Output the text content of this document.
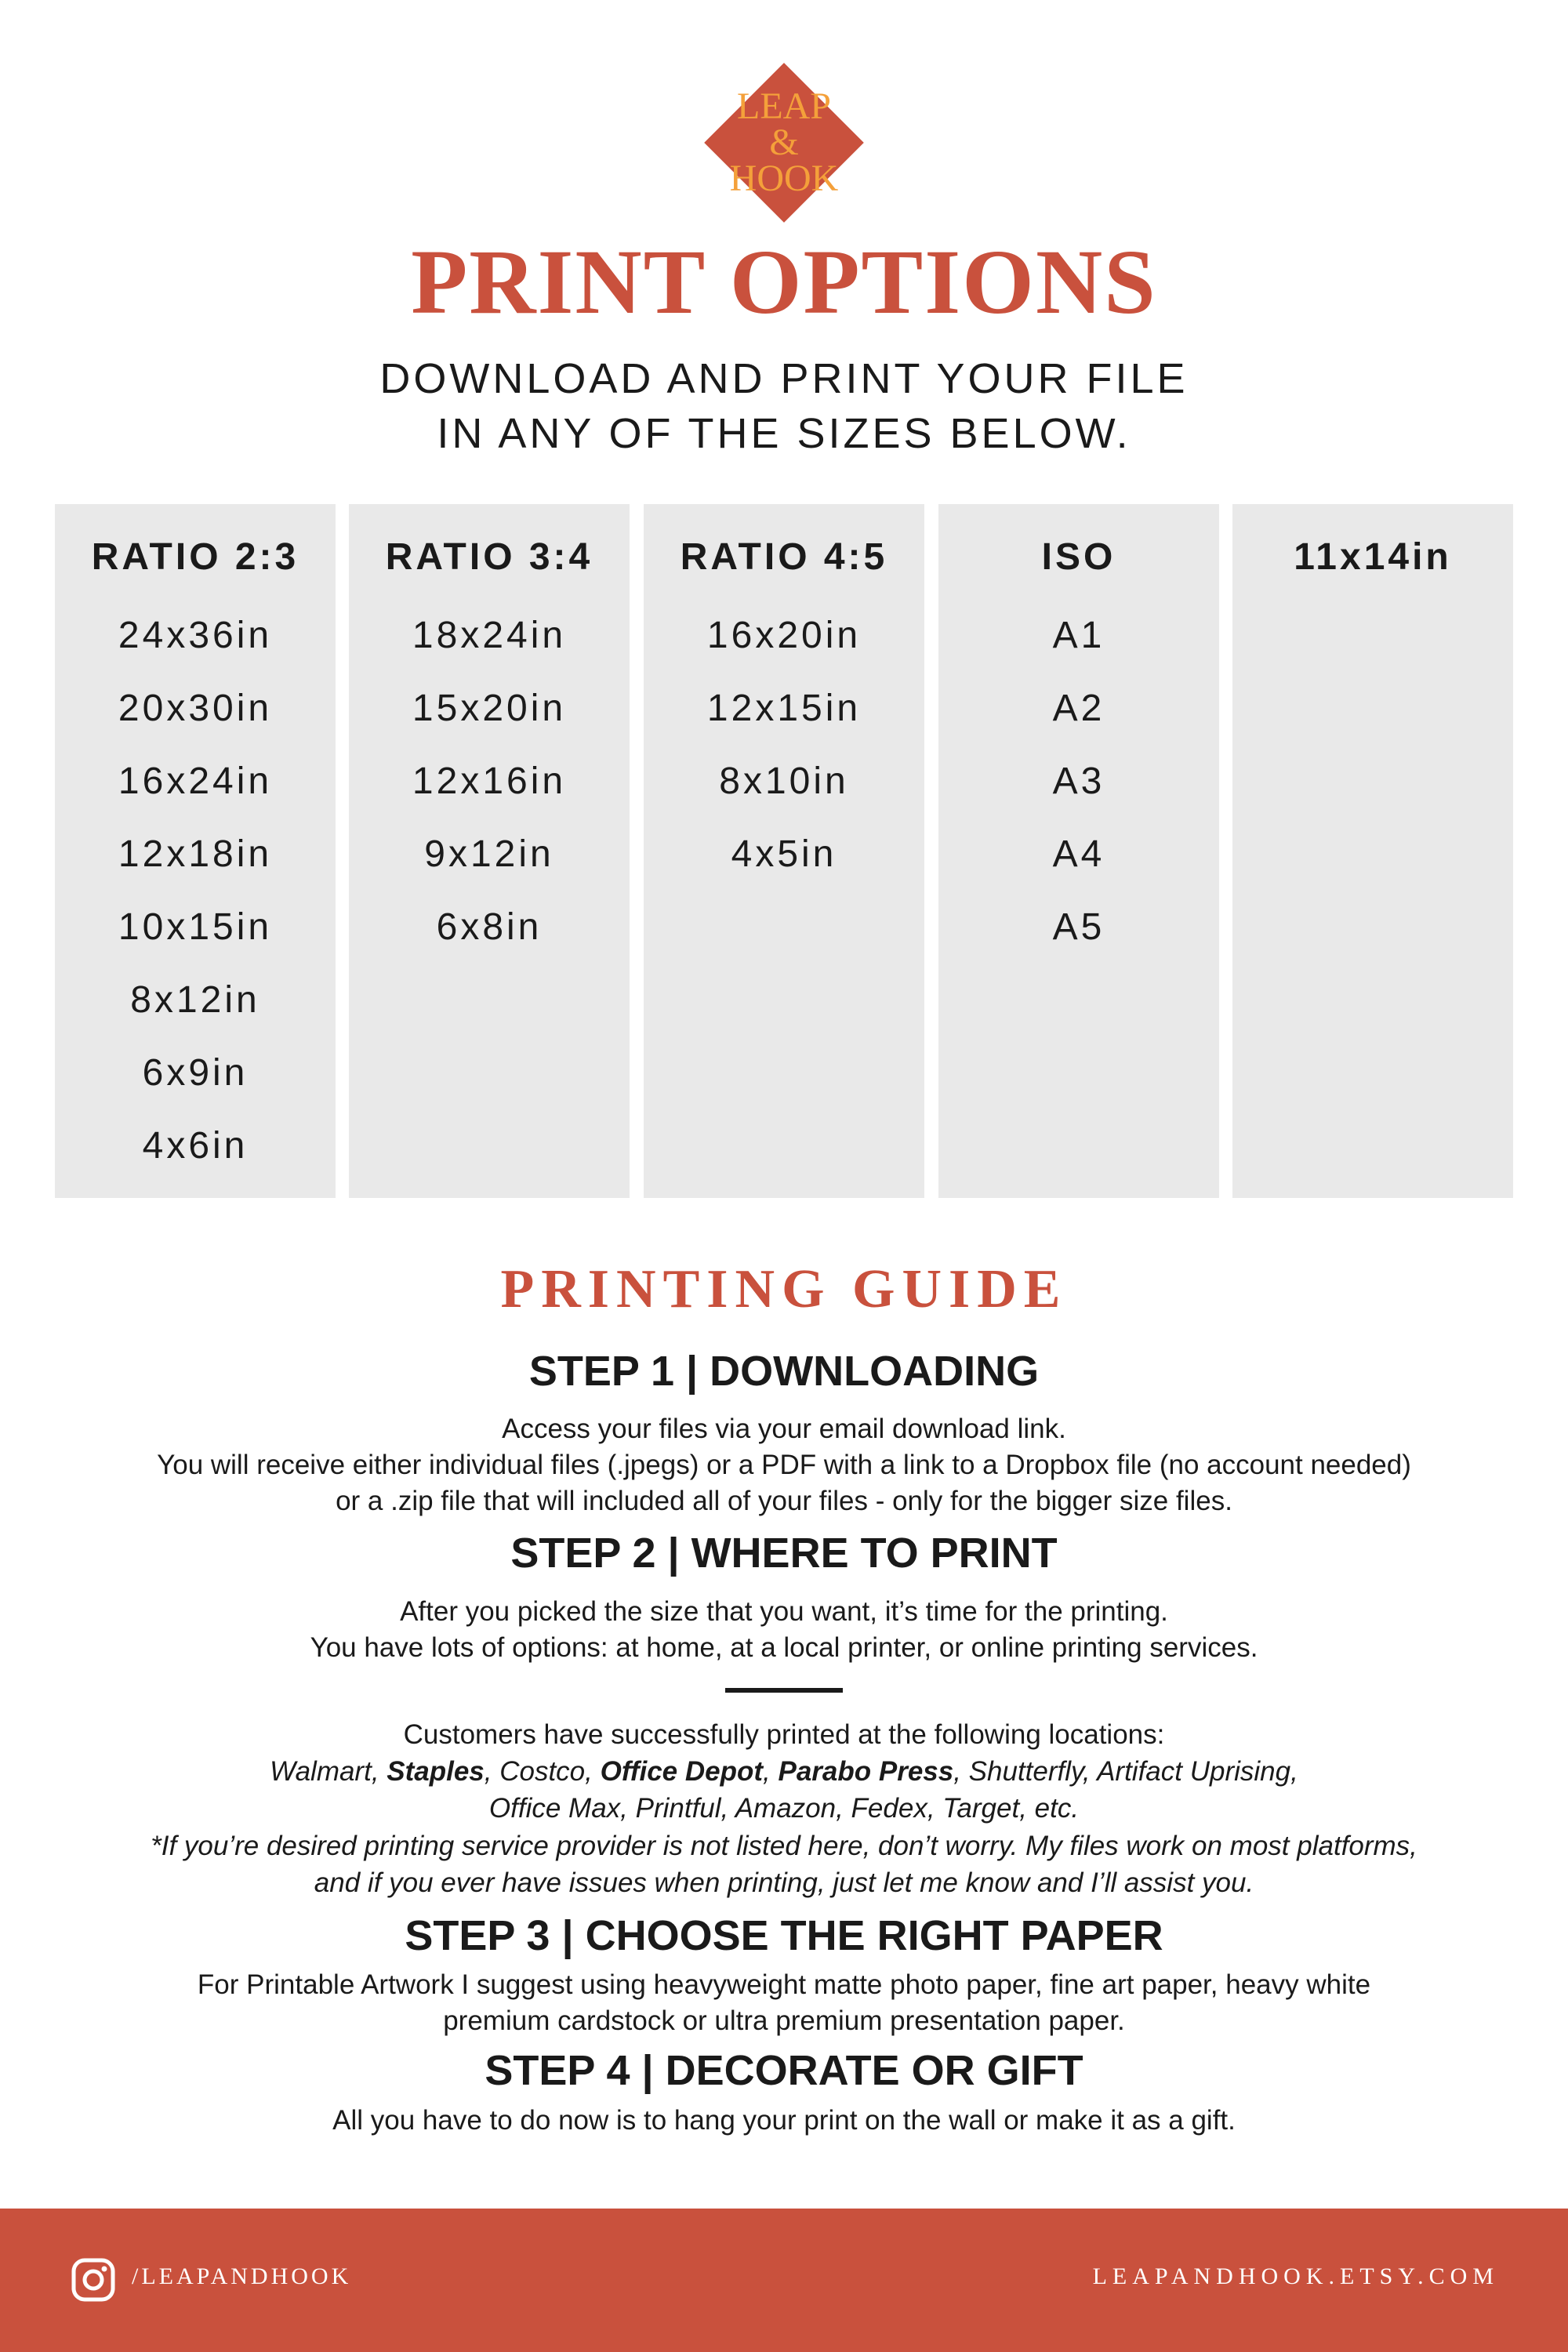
LEAP
&
HOOK
PRINT OPTIONS
DOWNLOAD AND PRINT YOUR FILE
IN ANY OF THE SIZES BELOW.
RATIO 2:3
24x36in
20x30in
16x24in
12x18in
10x15in
8x12in
6x9in
4x6in
RATIO 3:4
18x24in
15x20in
12x16in
9x12in
6x8in
RATIO 4:5
16x20in
12x15in
8x10in
4x5in
ISO
A1
A2
A3
A4
A5
11x14in
PRINTING GUIDE
STEP 1 | DOWNLOADING
Access your files via your email download link.
You will receive either individual files (.jpegs) or a PDF with a link to a Dropbox file (no account needed)
or a .zip file that will included all of your files - only for the bigger size files.
STEP 2 | WHERE TO PRINT
After you picked the size that you want, it’s time for the printing.
You have lots of options: at home, at a local printer, or online printing services.
Customers have successfully printed at the following locations:
Walmart, Staples, Costco, Office Depot, Parabo Press, Shutterfly, Artifact Uprising,
Office Max, Printful, Amazon, Fedex, Target, etc.
*If you’re desired printing service provider is not listed here, don’t worry. My files work on most platforms,
and if you ever have issues when printing, just let me know and I’ll assist you.
STEP 3 | CHOOSE THE RIGHT PAPER
For Printable Artwork I suggest using heavyweight matte photo paper, fine art paper, heavy white
premium cardstock or ultra premium presentation paper.
STEP 4 | DECORATE OR GIFT
All you have to do now is to hang your print on the wall or make it as a gift.
/LEAPANDHOOK	LEAPANDHOOK.ETSY.COM
